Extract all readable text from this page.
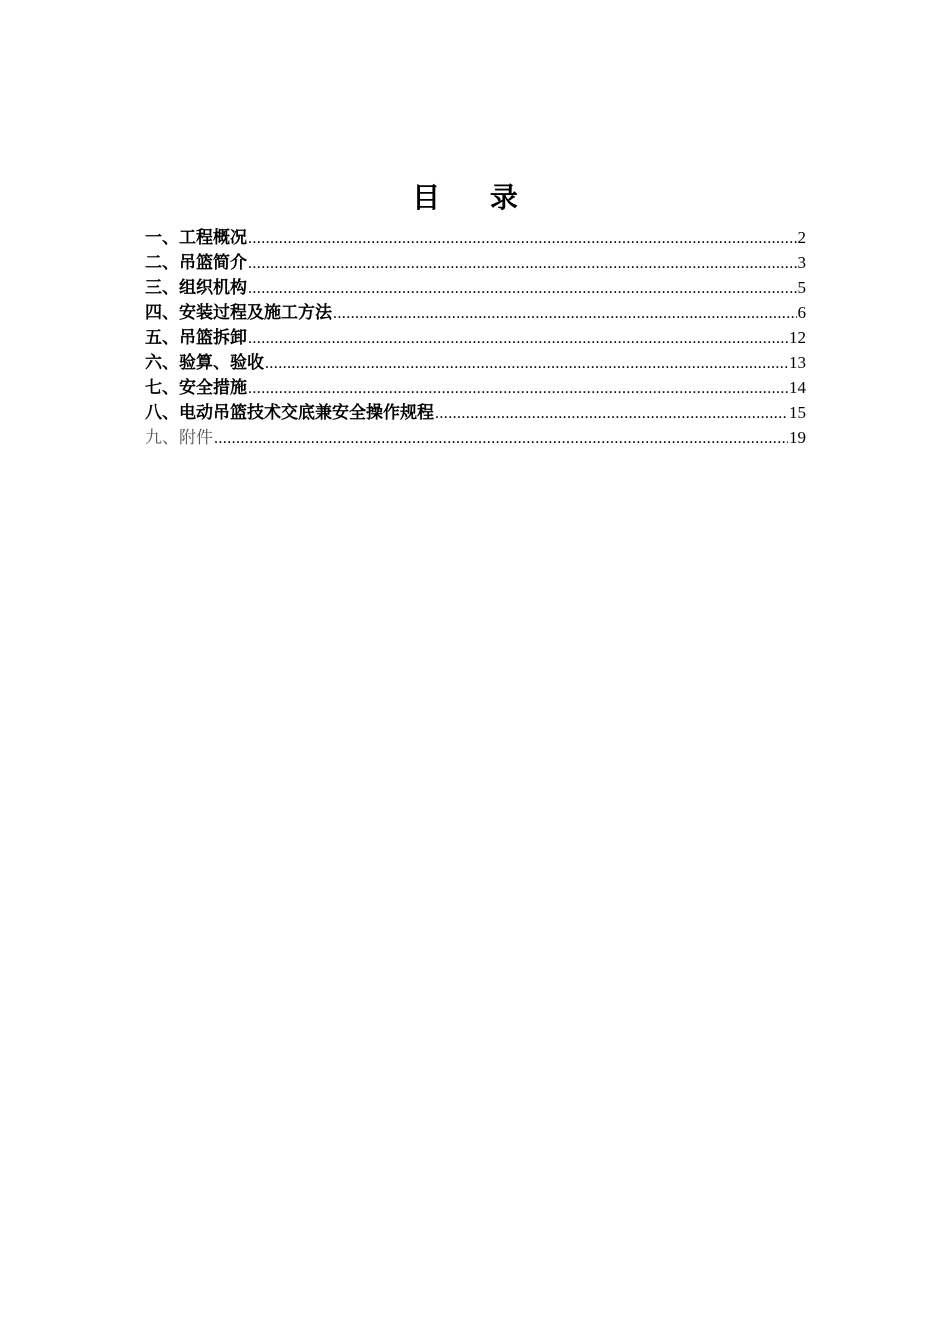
目 录
一、工程概况 .....	2
二、吊篮简介 .....	3
三、组织机构 .....	5
四、安装过程及施工方法 .....	6
五、吊篮拆卸 .....	12
六、验算、验收 .....	13
七、安全措施 .....	14
八、电动吊篮技术交底兼安全操作规程 .....	15
九、附件 .....	19
